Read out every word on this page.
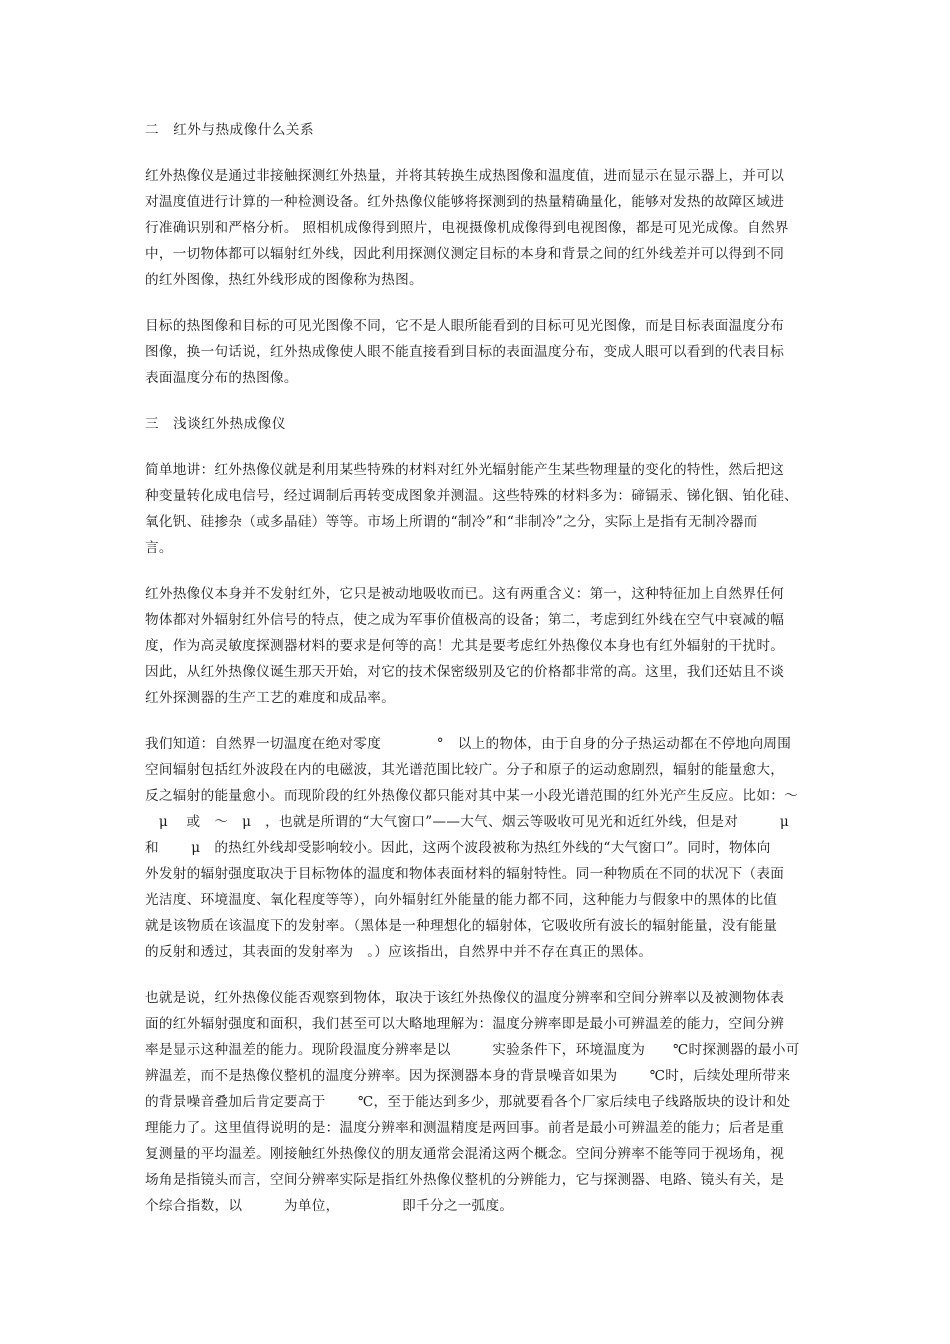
二　红外与热成像什么关系
红外热像仪是通过非接触探测红外热量，并将其转换生成热图像和温度值，进而显示在显示器上，并可以
对温度值进行计算的一种检测设备。红外热像仪能够将探测到的热量精确量化，能够对发热的故障区域进
行准确识别和严格分析。 照相机成像得到照片，电视摄像机成像得到电视图像，都是可见光成像。自然界
中，一切物体都可以辐射红外线，因此利用探测仪测定目标的本身和背景之间的红外线差并可以得到不同
的红外图像，热红外线形成的图像称为热图。
目标的热图像和目标的可见光图像不同，它不是人眼所能看到的目标可见光图像，而是目标表面温度分布
图像，换一句话说，红外热成像使人眼不能直接看到目标的表面温度分布，变成人眼可以看到的代表目标
表面温度分布的热图像。
三　浅谈红外热成像仪
简单地讲：红外热像仪就是利用某些特殊的材料对红外光辐射能产生某些物理量的变化的特性，然后把这
种变量转化成电信号，经过调制后再转变成图象并测温。这些特殊的材料多为：碲镉汞、锑化铟、铂化硅、
氧化钒、硅掺杂（或多晶硅）等等。市场上所谓的“制冷”和“非制冷”之分，实际上是指有无制冷器而
言。
红外热像仪本身并不发射红外，它只是被动地吸收而已。这有两重含义：第一，这种特征加上自然界任何
物体都对外辐射红外信号的特点，使之成为军事价值极高的设备；第二，考虑到红外线在空气中衰减的幅
度，作为高灵敏度探测器材料的要求是何等的高！尤其是要考虑红外热像仪本身也有红外辐射的干扰时。
因此，从红外热像仪诞生那天开始，对它的技术保密级别及它的价格都非常的高。这里，我们还姑且不谈
红外探测器的生产工艺的难度和成品率。
我们知道：自然界一切温度在绝对零度　　　　°　以上的物体，由于自身的分子热运动都在不停地向周围
空间辐射包括红外波段在内的电磁波，其光谱范围比较广。分子和原子的运动愈剧烈，辐射的能量愈大，
反之辐射的能量愈小。而现阶段的红外热像仪都只能对其中某一小段光谱范围的红外光产生反应。比如：～
　μ　 或　～　μ　，也就是所谓的“大气窗口”——大气、烟云等吸收可见光和近红外线，但是对　　　μ
和　　 μ　的热红外线却受影响较小。因此，这两个波段被称为热红外线的“大气窗口”。同时，物体向
外发射的辐射强度取决于目标物体的温度和物体表面材料的辐射特性。同一种物质在不同的状况下（表面
光洁度、环境温度、氧化程度等等），向外辐射红外能量的能力都不同，这种能力与假象中的黑体的比值
就是该物质在该温度下的发射率。（黑体是一种理想化的辐射体，它吸收所有波长的辐射能量，没有能量
的反射和透过，其表面的发射率为　。）应该指出，自然界中并不存在真正的黑体。
也就是说，红外热像仪能否观察到物体，取决于该红外热像仪的温度分辨率和空间分辨率以及被测物体表
面的红外辐射强度和面积，我们甚至可以大略地理解为：温度分辨率即是最小可辨温差的能力，空间分辨
率是显示这种温差的能力。现阶段温度分辨率是以　　　实验条件下，环境温度为　　℃时探测器的最小可
辨温差，而不是热像仪整机的温度分辨率。因为探测器本身的背景噪音如果为　　 ℃时，后续处理所带来
的背景噪音叠加后肯定要高于　　 ℃，至于能达到多少，那就要看各个厂家后续电子线路版块的设计和处
理能力了。这里值得说明的是：温度分辨率和测温精度是两回事。前者是最小可辨温差的能力；后者是重
复测量的平均温差。刚接触红外热像仪的朋友通常会混淆这两个概念。空间分辨率不能等同于视场角，视
场角是指镜头而言，空间分辨率实际是指红外热像仪整机的分辨能力，它与探测器、电路、镜头有关，是
个综合指数，以　　　为单位，　　　　　即千分之一弧度。
